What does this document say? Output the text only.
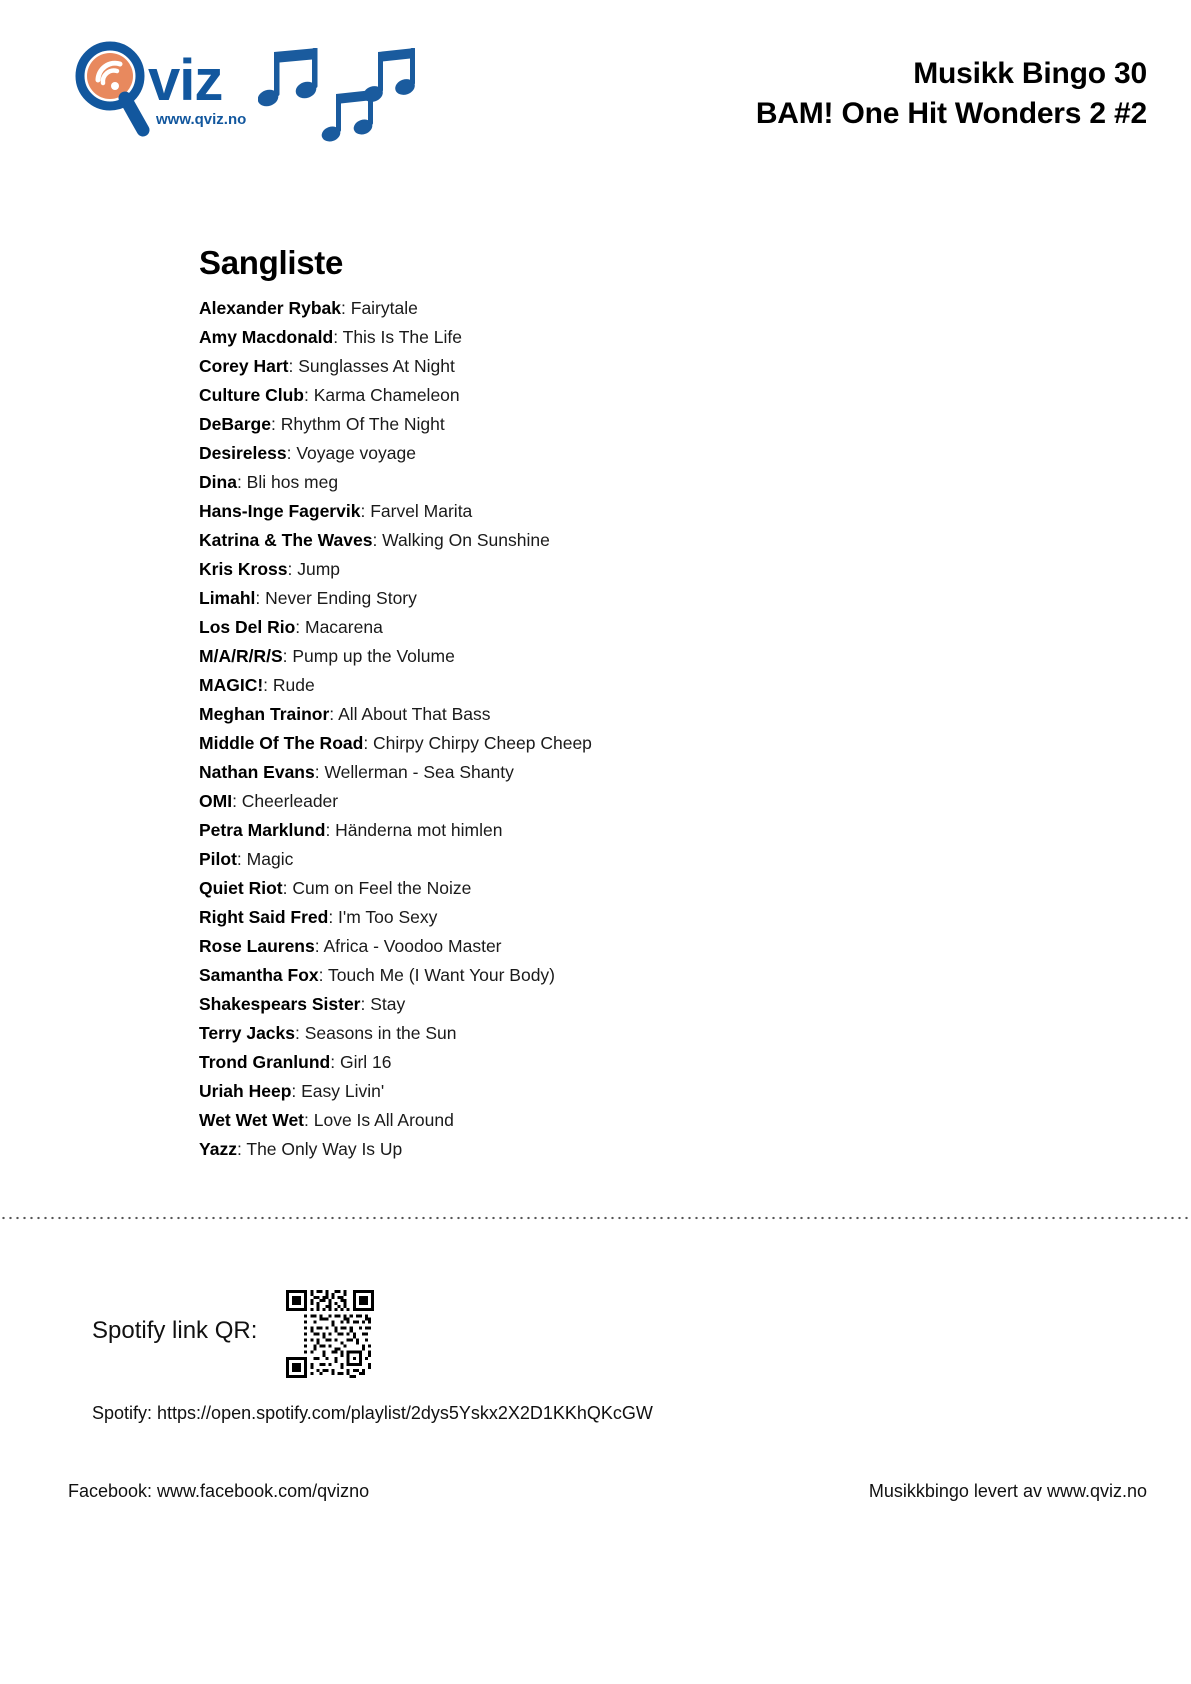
viz
www.qviz.no
Musikk Bingo 30
BAM! One Hit Wonders 2 #2
Sangliste
Alexander Rybak: Fairytale
Amy Macdonald: This Is The Life
Corey Hart: Sunglasses At Night
Culture Club: Karma Chameleon
DeBarge: Rhythm Of The Night
Desireless: Voyage voyage
Dina: Bli hos meg
Hans-Inge Fagervik: Farvel Marita
Katrina & The Waves: Walking On Sunshine
Kris Kross: Jump
Limahl: Never Ending Story
Los Del Rio: Macarena
M/A/R/R/S: Pump up the Volume
MAGIC!: Rude
Meghan Trainor: All About That Bass
Middle Of The Road: Chirpy Chirpy Cheep Cheep
Nathan Evans: Wellerman - Sea Shanty
OMI: Cheerleader
Petra Marklund: Händerna mot himlen
Pilot: Magic
Quiet Riot: Cum on Feel the Noize
Right Said Fred: I'm Too Sexy
Rose Laurens: Africa - Voodoo Master
Samantha Fox: Touch Me (I Want Your Body)
Shakespears Sister: Stay
Terry Jacks: Seasons in the Sun
Trond Granlund: Girl 16
Uriah Heep: Easy Livin'
Wet Wet Wet: Love Is All Around
Yazz: The Only Way Is Up
Spotify link QR:
Spotify: https://open.spotify.com/playlist/2dys5Yskx2X2D1KKhQKcGW
Facebook: www.facebook.com/qvizno	Musikkbingo levert av www.qviz.no
